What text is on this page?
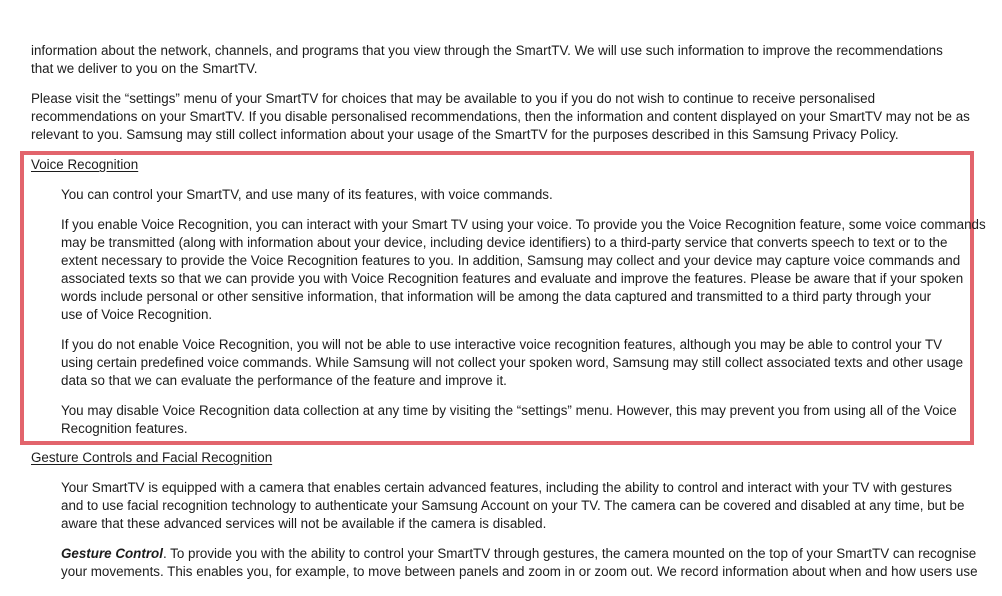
information about the network, channels, and programs that you view through the SmartTV. We will use such information to improve the recommendations
that we deliver to you on the SmartTV.

Please visit the “settings” menu of your SmartTV for choices that may be available to you if you do not wish to continue to receive personalised
recommendations on your SmartTV. If you disable personalised recommendations, then the information and content displayed on your SmartTV may not be as
relevant to you. Samsung may still collect information about your usage of the SmartTV for the purposes described in this Samsung Privacy Policy.

Voice Recognition

You can control your SmartTV, and use many of its features, with voice commands.

If you enable Voice Recognition, you can interact with your Smart TV using your voice. To provide you the Voice Recognition feature, some voice commands
may be transmitted (along with information about your device, including device identifiers) to a third-party service that converts speech to text or to the
extent necessary to provide the Voice Recognition features to you. In addition, Samsung may collect and your device may capture voice commands and
associated texts so that we can provide you with Voice Recognition features and evaluate and improve the features. Please be aware that if your spoken
words include personal or other sensitive information, that information will be among the data captured and transmitted to a third party through your
use of Voice Recognition.

If you do not enable Voice Recognition, you will not be able to use interactive voice recognition features, although you may be able to control your TV
using certain predefined voice commands. While Samsung will not collect your spoken word, Samsung may still collect associated texts and other usage
data so that we can evaluate the performance of the feature and improve it.

You may disable Voice Recognition data collection at any time by visiting the “settings” menu. However, this may prevent you from using all of the Voice
Recognition features.

Gesture Controls and Facial Recognition

Your SmartTV is equipped with a camera that enables certain advanced features, including the ability to control and interact with your TV with gestures
and to use facial recognition technology to authenticate your Samsung Account on your TV. The camera can be covered and disabled at any time, but be
aware that these advanced services will not be available if the camera is disabled.

Gesture Control. To provide you with the ability to control your SmartTV through gestures, the camera mounted on the top of your SmartTV can recognise
your movements. This enables you, for example, to move between panels and zoom in or zoom out. We record information about when and how users use
